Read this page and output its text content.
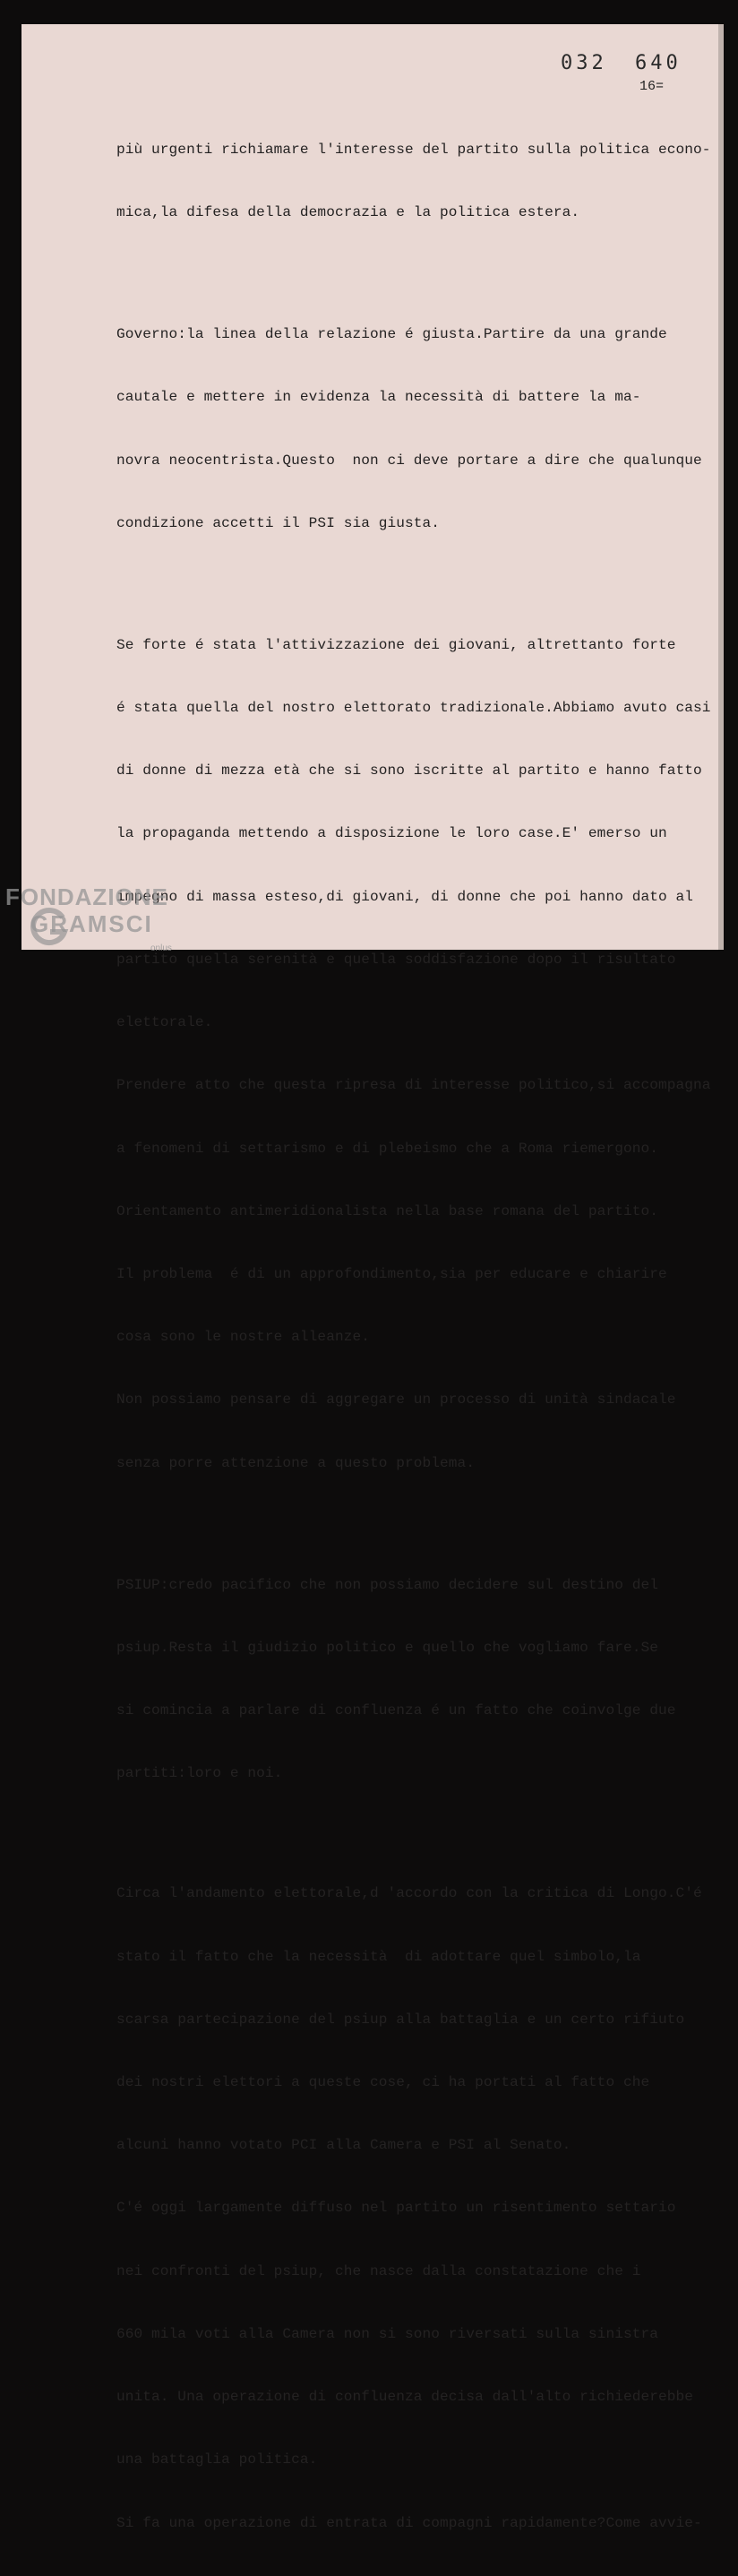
032 640
16=

più urgenti richiamare l'interesse del partito sulla politica econo-

mica,la difesa della democrazia e la politica estera.

Governo:la linea della relazione é giusta.Partire da una grande

cautale e mettere in evidenza la necessità di battere la ma-

novra neocentrista.Questo  non ci deve portare a dire che qualunque

condizione accetti il PSI sia giusta.

Se forte é stata l'attivizzazione dei giovani, altrettanto forte

é stata quella del nostro elettorato tradizionale.Abbiamo avuto casi

di donne di mezza età che si sono iscritte al partito e hanno fatto

la propaganda mettendo a disposizione le loro case.E' emerso un

impegno di massa esteso,di giovani, di donne che poi hanno dato al

partito quella serenità e quella soddisfazione dopo il risultato

elettorale.

Prendere atto che questa ripresa di interesse politico,si accompagna

a fenomeni di settarismo e di plebeismo che a Roma riemergono.

Orientamento antimeridionalista nella base romana del partito.

Il problema  é di un approfondimento,sia per educare e chiarire

cosa sono le nostre alleanze.

Non possiamo pensare di aggregare un processo di unità sindacale

senza porre attenzione a questo problema.

PSIUP:credo pacifico che non possiamo decidere sul destino del

psiup.Resta il giudizio politico e quello che vogliamo fare.Se

si comincia a parlare di confluenza é un fatto che coinvolge due

partiti:loro e noi.

Circa l'andamento elettorale,d 'accordo con la critica di Longo.C'é

stato il fatto che la necessità  di adottare quel simbolo,la

scarsa partecipazione del psiup alla battaglia e un certo rifiuto

dei nostri elettori a queste cose, ci ha portati al fatto che

alcuni hanno votato PCI alla Camera e PSI al Senato.

C'é oggi largamente diffuso nel partito un risentimento settario

nei confronti del psiup, che nasce dalla constatazione che i

660 mila voti alla Camera non si sono riversati sulla sinistra

unita. Una operazione di confluenza decisa dall'alto richiederebbe

una battaglia politica.

Si fa una operazione di entrata di compagni rapidamente?Come avvie-

FONDAZIONE
GRAMSCI
onlus
